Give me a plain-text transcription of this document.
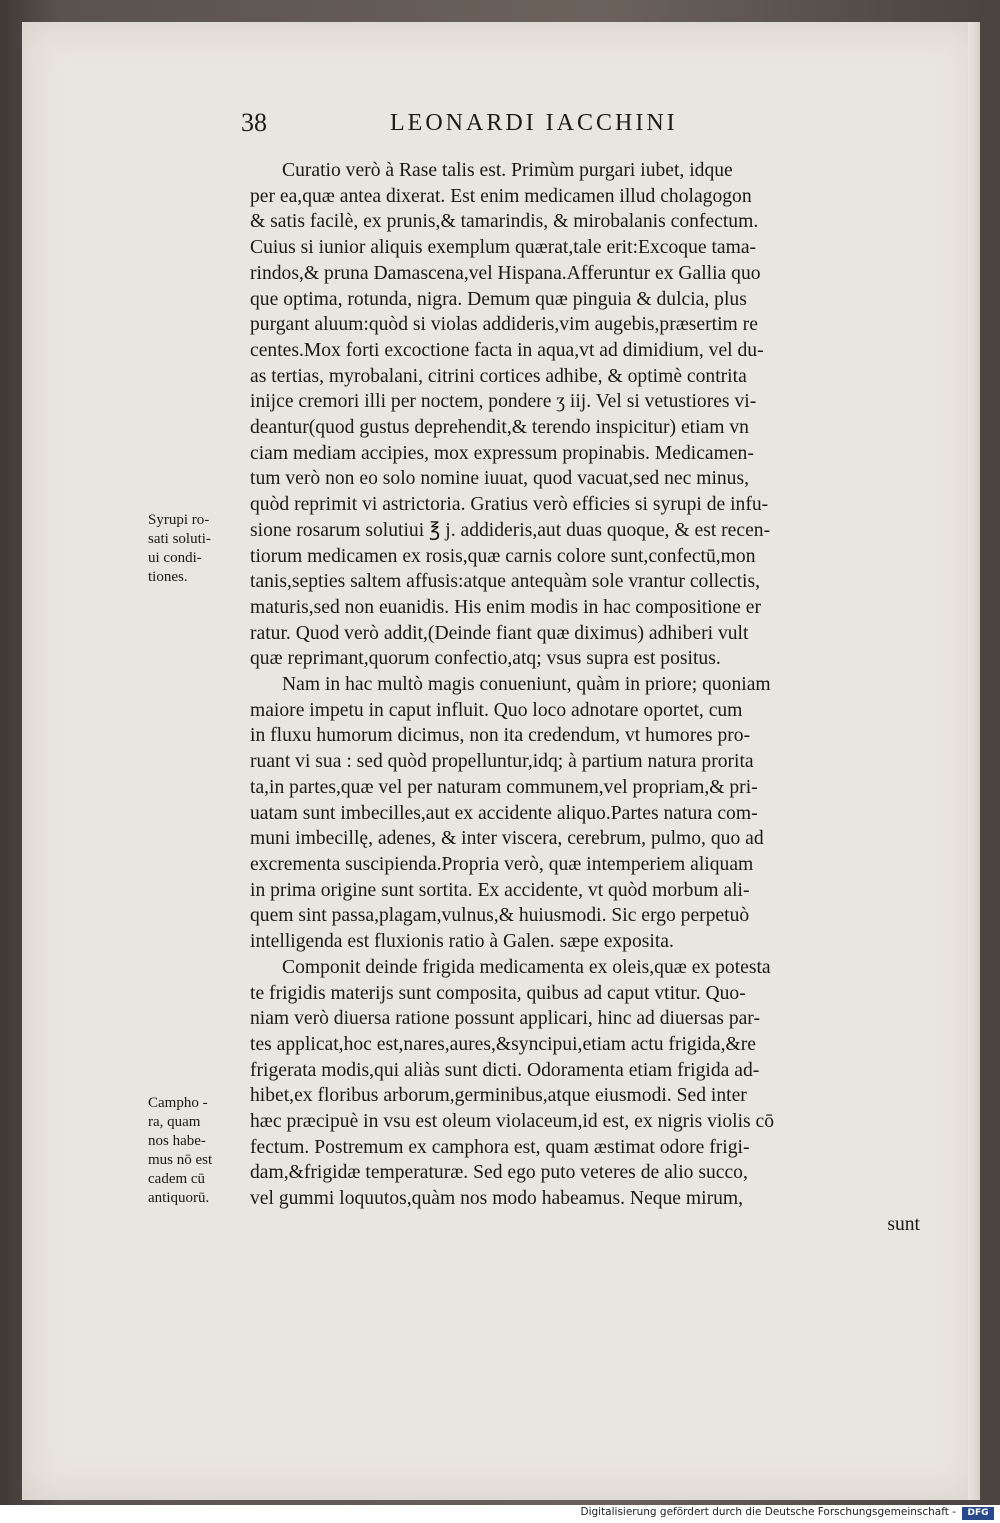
38	LEONARDI IACCHINI
Syrupi ro-
sati soluti-
ui condi-
tiones.
Campho -
ra, quam
nos habe-
mus nō est
cadem cū
antiquorū.
Curatio verò à Rase talis est. Primùm purgari iubet, idque
per ea,quæ antea dixerat. Est enim medicamen illud cholagogon
& satis facilè, ex prunis,& tamarindis, & mirobalanis confectum.
Cuius si iunior aliquis exemplum quærat,tale erit:Excoque tama-
rindos,& pruna Damascena,vel Hispana.Afferuntur ex Gallia quo
que optima, rotunda, nigra. Demum quæ pinguia & dulcia, plus
purgant aluum:quòd si violas addideris,vim augebis,præsertim re
centes.Mox forti excoctione facta in aqua,vt ad dimidium, vel du-
as tertias, myrobalani, citrini cortices adhibe, & optimè contrita
inijce cremori illi per noctem, pondere ʒ iij. Vel si vetustiores vi-
deantur(quod gustus deprehendit,& terendo inspicitur) etiam vn
ciam mediam accipies, mox expressum propinabis. Medicamen-
tum verò non eo solo nomine iuuat, quod vacuat,sed nec minus,
quòd reprimit vi astrictoria. Gratius verò efficies si syrupi de infu-
sione rosarum solutiui ℥ j. addideris,aut duas quoque, & est recen-
tiorum medicamen ex rosis,quæ carnis colore sunt,confectū,mon
tanis,septies saltem affusis:atque antequàm sole vrantur collectis,
maturis,sed non euanidis. His enim modis in hac compositione er
ratur. Quod verò addit,(Deinde fiant quæ diximus) adhiberi vult
quæ reprimant,quorum confectio,atq; vsus supra est positus.
Nam in hac multò magis conueniunt, quàm in priore; quoniam
maiore impetu in caput influit. Quo loco adnotare oportet, cum
in fluxu humorum dicimus, non ita credendum, vt humores pro-
ruant vi sua : sed quòd propelluntur,idq; à partium natura prorita
ta,in partes,quæ vel per naturam communem,vel propriam,& pri-
uatam sunt imbecilles,aut ex accidente aliquo.Partes natura com-
muni imbecillę, adenes, & inter viscera, cerebrum, pulmo, quo ad
excrementa suscipienda.Propria verò, quæ intemperiem aliquam
in prima origine sunt sortita. Ex accidente, vt quòd morbum ali-
quem sint passa,plagam,vulnus,& huiusmodi. Sic ergo perpetuò
intelligenda est fluxionis ratio à Galen. sæpe exposita.
Componit deinde frigida medicamenta ex oleis,quæ ex potesta
te frigidis materijs sunt composita, quibus ad caput vtitur. Quo-
niam verò diuersa ratione possunt applicari, hinc ad diuersas par-
tes applicat,hoc est,nares,aures,&syncipui,etiam actu frigida,&re
frigerata modis,qui aliàs sunt dicti. Odoramenta etiam frigida ad-
hibet,ex floribus arborum,germinibus,atque eiusmodi. Sed inter
hæc præcipuè in vsu est oleum violaceum,id est, ex nigris violis cō
fectum. Postremum ex camphora est, quam æstimat odore frigi-
dam,&frigidæ temperaturæ. Sed ego puto veteres de alio succo,
vel gummi loquutos,quàm nos modo habeamus. Neque mirum,
sunt
Digitalisierung gefördert durch die Deutsche Forschungsgemeinschaft -	DFG
